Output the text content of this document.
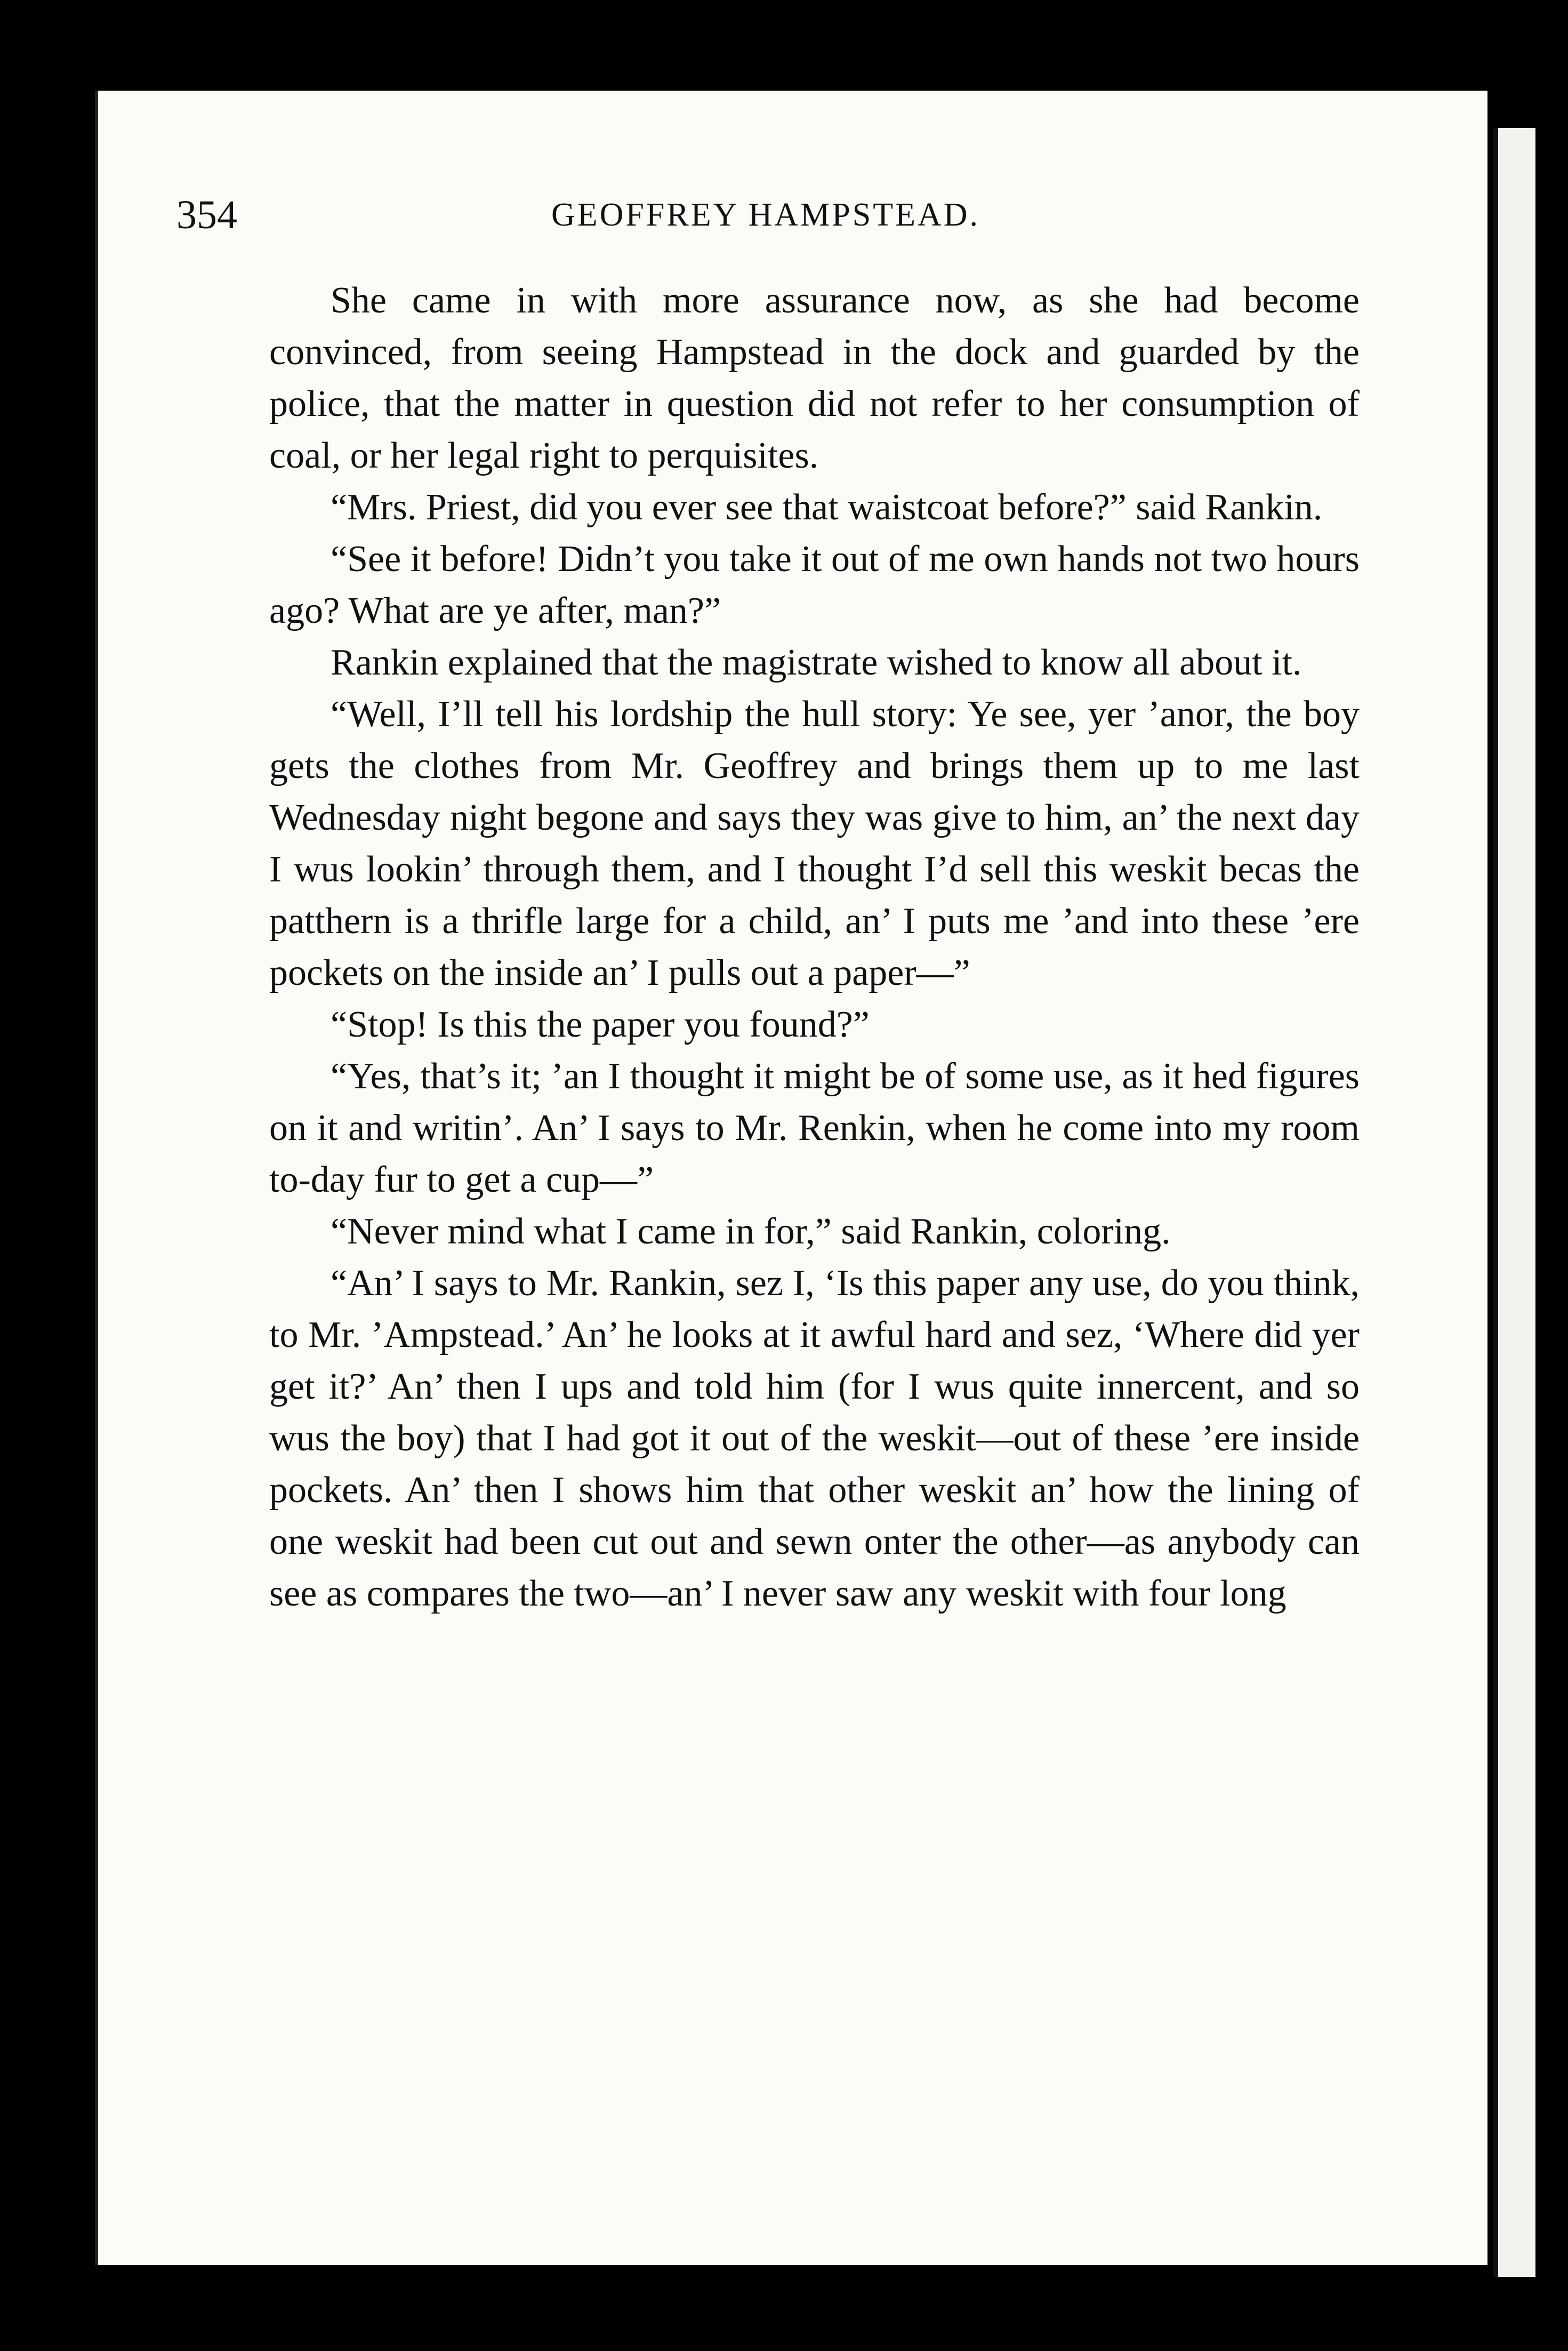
354	GEOFFREY HAMPSTEAD.

She came in with more assurance now, as she had become convinced, from seeing Hampstead in the dock and guarded by the police, that the matter in question did not refer to her consumption of coal, or her legal right to perquisites.

“Mrs. Priest, did you ever see that waistcoat before?” said Rankin.

“See it before! Didn’t you take it out of me own hands not two hours ago? What are ye after, man?”

Rankin explained that the magistrate wished to know all about it.

“Well, I’ll tell his lordship the hull story: Ye see, yer ’anor, the boy gets the clothes from Mr. Geoffrey and brings them up to me last Wednesday night begone and says they was give to him, an’ the next day I wus lookin’ through them, and I thought I’d sell this weskit becas the patthern is a thrifle large for a child, an’ I puts me ’and into these ’ere pockets on the inside an’ I pulls out a paper—”

“Stop! Is this the paper you found?”

“Yes, that’s it; ’an I thought it might be of some use, as it hed figures on it and writin’. An’ I says to Mr. Renkin, when he come into my room to-day fur to get a cup—”

“Never mind what I came in for,” said Rankin, coloring.

“An’ I says to Mr. Rankin, sez I, ‘Is this paper any use, do you think, to Mr. ’Ampstead.’ An’ he looks at it awful hard and sez, ‘Where did yer get it?’ An’ then I ups and told him (for I wus quite innercent, and so wus the boy) that I had got it out of the weskit—out of these ’ere inside pockets. An’ then I shows him that other weskit an’ how the lining of one weskit had been cut out and sewn onter the other—as anybody can see as compares the two—an’ I never saw any weskit with four long
